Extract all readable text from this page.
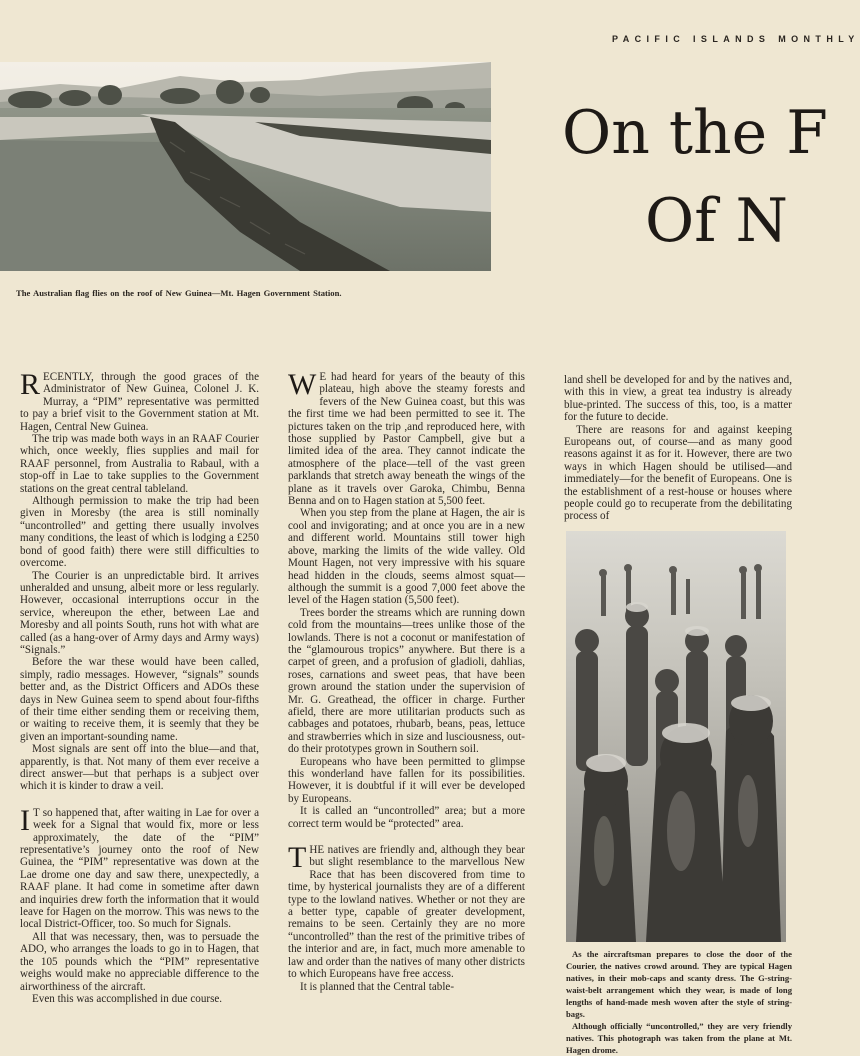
PACIFIC ISLANDS MONTHLY
The Australian flag flies on the roof of New Guinea—Mt. Hagen Government Station.
On the F
Of N

RECENTLY, through the good graces of the Administrator of New Guinea, Colonel J. K. Murray, a “PIM” representative was permitted to pay a brief visit to the Government station at Mt. Hagen, Central New Guinea.

The trip was made both ways in an RAAF Courier which, once weekly, flies supplies and mail for RAAF personnel, from Australia to Rabaul, with a stop-off in Lae to take supplies to the Government stations on the great central tableland.

Although permission to make the trip had been given in Moresby (the area is still nominally “uncontrolled” and getting there usually involves many conditions, the least of which is lodging a £250 bond of good faith) there were still difficulties to overcome.

The Courier is an unpredictable bird. It arrives unheralded and unsung, albeit more or less regularly. However, occasional interruptions occur in the service, whereupon the ether, between Lae and Moresby and all points South, runs hot with what are called (as a hang-over of Army days and Army ways) “Signals.”

Before the war these would have been called, simply, radio messages. However, “signals” sounds better and, as the District Officers and ADOs these days in New Guinea seem to spend about four-fifths of their time either sending them or receiving them, or waiting to receive them, it is seemly that they be given an important-sounding name.

Most signals are sent off into the blue—and that, apparently, is that. Not many of them ever receive a direct answer—but that perhaps is a subject over which it is kinder to draw a veil.

I T so happened that, after waiting in Lae for over a week for a Signal that would fix, more or less approximately, the date of the “PIM” representative’s journey onto the roof of New Guinea, the “PIM” representative was down at the Lae drome one day and saw there, unexpectedly, a RAAF plane. It had come in sometime after dawn and inquiries drew forth the information that it would leave for Hagen on the morrow. This was news to the local District-Officer, too. So much for Signals.

All that was necessary, then, was to persuade the ADO, who arranges the loads to go in to Hagen, that the 105 pounds which the “PIM” representative weighs would make no appreciable difference to the airworthiness of the aircraft.

Even this was accomplished in due course.

W E had heard for years of the beauty of this plateau, high above the steamy forests and fevers of the New Guinea coast, but this was the first time we had been permitted to see it. The pictures taken on the trip ,and reproduced here, with those supplied by Pastor Campbell, give but a limited idea of the area. They cannot indicate the atmosphere of the place—tell of the vast green parklands that stretch away beneath the wings of the plane as it travels over Garoka, Chimbu, Benna Benna and on to Hagen station at 5,500 feet.

When you step from the plane at Hagen, the air is cool and invigorating; and at once you are in a new and different world. Mountains still tower high above, marking the limits of the wide valley. Old Mount Hagen, not very impressive with his square head hidden in the clouds, seems almost squat—although the summit is a good 7,000 feet above the level of the Hagen station (5,500 feet).

Trees border the streams which are running down cold from the mountains—trees unlike those of the lowlands. There is not a coconut or manifestation of the “glamourous tropics” anywhere. But there is a carpet of green, and a profusion of gladioli, dahlias, roses, carnations and sweet peas, that have been grown around the station under the supervision of Mr. G. Greathead, the officer in charge. Further afield, there are more utilitarian products such as cabbages and potatoes, rhubarb, beans, peas, lettuce and strawberries which in size and lusciousness, out-do their prototypes grown in Southern soil.

Europeans who have been permitted to glimpse this wonderland have fallen for its possibilities. However, it is doubtful if it will ever be developed by Europeans.

It is called an “uncontrolled” area; but a more correct term would be “protected” area.

THE natives are friendly and, although they bear but slight resemblance to the marvellous New Race that has been discovered from time to time, by hysterical journalists they are of a different type to the lowland natives. Whether or not they are a better type, capable of greater development, remains to be seen. Certainly they are no more “uncontrolled” than the rest of the primitive tribes of the interior and are, in fact, much more amenable to law and order than the natives of many other districts to which Europeans have free access.

It is planned that the Central table-

land shell be developed for and by the natives and, with this in view, a great tea industry is already blue-printed. The success of this, too, is a matter for the future to decide.

There are reasons for and against keeping Europeans out, of course—and as many good reasons against it as for it. However, there are two ways in which Hagen should be utilised—and immediately—for the benefit of Europeans. One is the establishment of a rest-house or houses where people could go to recuperate from the debilitating process of

As the aircraftsman prepares to close the door of the Courier, the natives crowd around. They are typical Hagen natives, in their mob-caps and scanty dress. The G-string-waist-belt arrangement which they wear, is made of long lengths of hand-made mesh woven after the style of string-bags.

Although officially “uncontrolled,” they are very friendly natives. This photograph was taken from the plane at Mt. Hagen drome.
